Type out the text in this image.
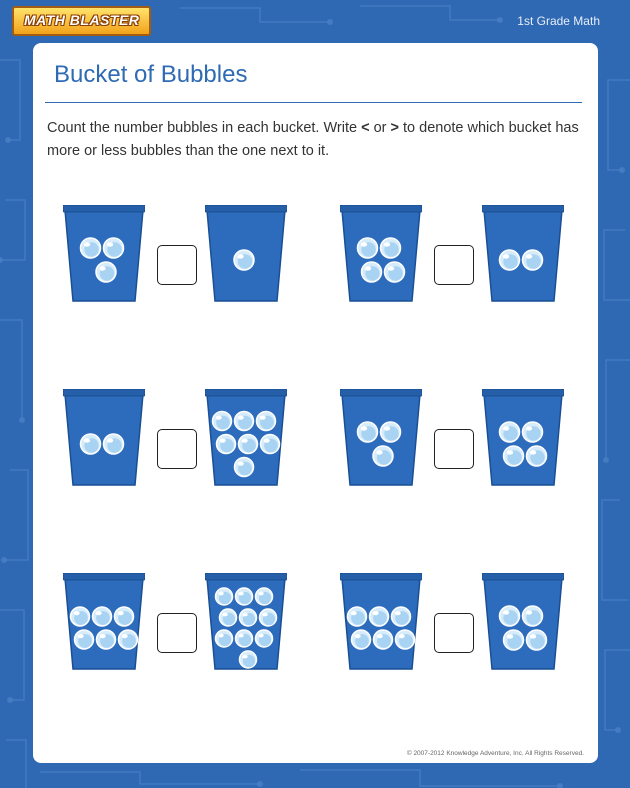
MATH BLASTER	1st Grade Math
Bucket of Bubbles
Count the number bubbles in each bucket. Write < or > to denote which bucket has more or less bubbles than the one next to it.
© 2007-2012 Knowledge Adventure, Inc. All Rights Reserved.
